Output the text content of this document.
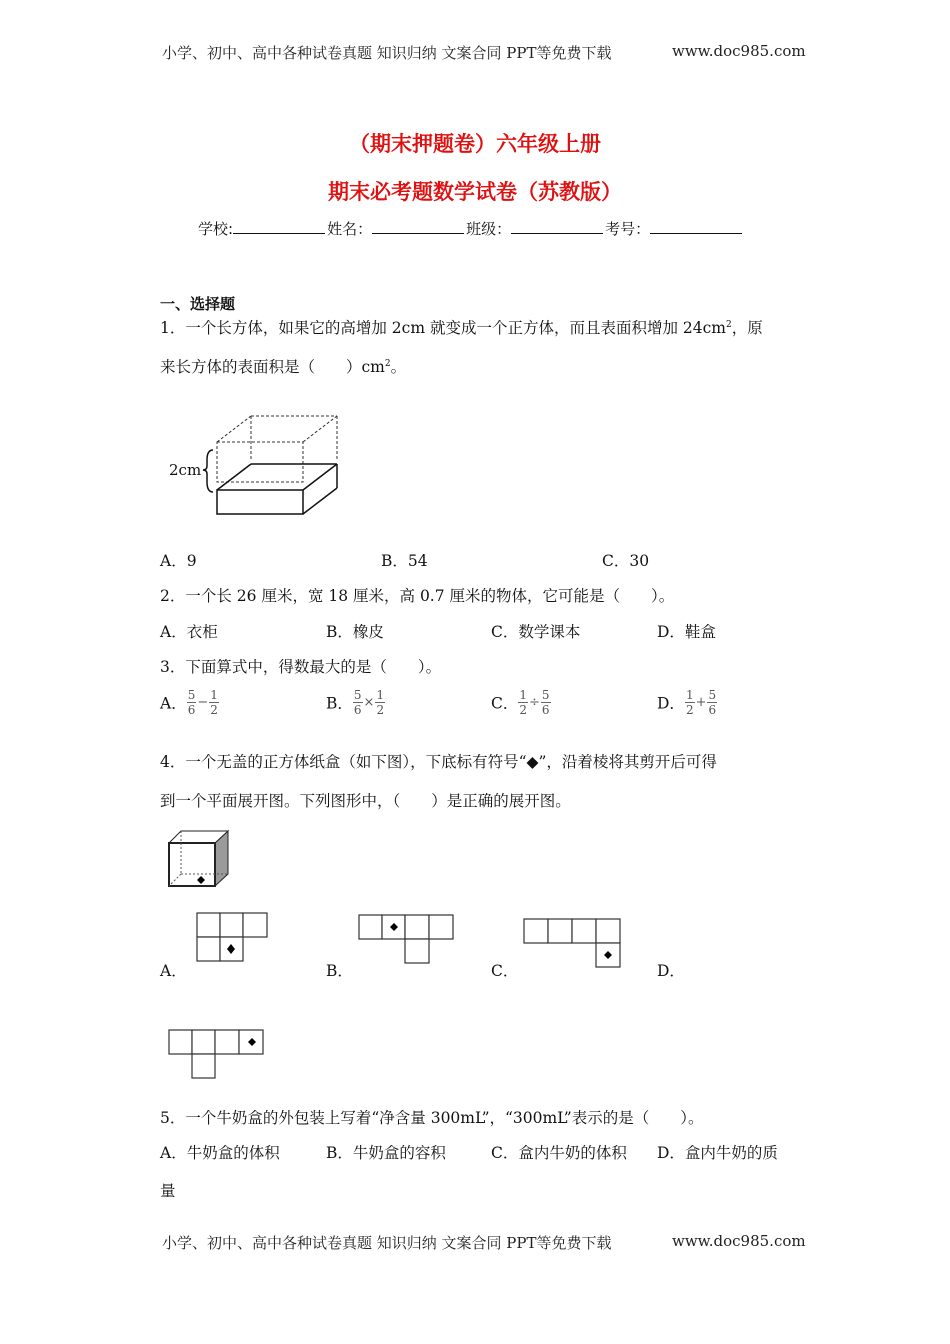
小学、初中、高中各种试卷真题 知识归纳 文案合同 PPT等免费下载	www.doc985.com
（期末押题卷）六年级上册
期末必考题数学试卷（苏教版）
学校:	姓名：	班级：	考号：
一、选择题
1．一个长方体，如果它的高增加 2cm 就变成一个正方体，而且表面积增加 $24cm^2$，原
来长方体的表面积是（　　）$cm^2$。
2cm
A．9	B．54	C．30
2．一个长 26 厘米，宽 18 厘米，高 0.7 厘米的物体，它可能是（　　）。
A．衣柜	B．橡皮	C．数学课本	D．鞋盒
3．下面算式中，得数最大的是（　　）。
A． $\frac{5}{6} - \frac{1}{2}$	B． $\frac{5}{6} \times \frac{1}{2}$	C． $\frac{1}{2} \div \frac{5}{6}$	D． $\frac{1}{2} + \frac{5}{6}$
4．一个无盖的正方体纸盒（如下图），下底标有符号“◆”，沿着棱将其剪开后可得
到一个平面展开图。下列图形中，（　　）是正确的展开图。
A．	B．	C．	D．
5．一个牛奶盒的外包装上写着“净含量 300mL”，“300mL”表示的是（　　）。
A．牛奶盒的体积	B．牛奶盒的容积	C．盒内牛奶的体积 D．盒内牛奶的质
量
小学、初中、高中各种试卷真题 知识归纳 文案合同 PPT等免费下载	www.doc985.com
